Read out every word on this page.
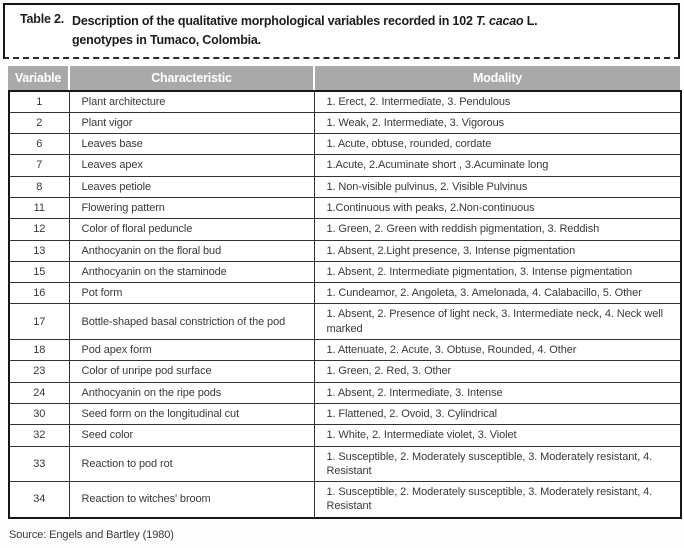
Table 2. Description of the qualitative morphological variables recorded in 102 T. cacao L.
genotypes in Tumaco, Colombia.
Variable	Characteristic	Modality
1	Plant architecture	1. Erect, 2. Intermediate, 3. Pendulous
2	Plant vigor	1. Weak, 2. Intermediate, 3. Vigorous
6	Leaves base	1. Acute, obtuse, rounded, cordate
7	Leaves apex	1.Acute, 2.Acuminate short , 3.Acuminate long
8	Leaves petiole	1. Non-visible pulvinus, 2. Visible Pulvinus
11	Flowering pattern	1.Continuous with peaks, 2.Non-continuous
12	Color of floral peduncle	1. Green, 2. Green with reddish pigmentation, 3. Reddish
13	Anthocyanin on the floral bud	1. Absent, 2.Light presence, 3. Intense pigmentation
15	Anthocyanin on the staminode	1. Absent, 2. Intermediate pigmentation, 3. Intense pigmentation
16	Pot form	1. Cundeamor, 2. Angoleta, 3. Amelonada, 4. Calabacillo, 5. Other
17	Bottle-shaped basal constriction of the pod	1. Absent, 2. Presence of light neck, 3. Intermediate neck, 4. Neck well marked
18	Pod apex form	1. Attenuate, 2. Acute, 3. Obtuse, Rounded, 4. Other
23	Color of unripe pod surface	1. Green, 2. Red, 3. Other
24	Anthocyanin on the ripe pods	1. Absent, 2. Intermediate, 3. Intense
30	Seed form on the longitudinal cut	1. Flattened, 2. Ovoid, 3. Cylindrical
32	Seed color	1. White, 2. Intermediate violet, 3. Violet
33	Reaction to pod rot	1. Susceptible, 2. Moderately susceptible, 3. Moderately resistant, 4. Resistant
34	Reaction to witches' broom	1. Susceptible, 2. Moderately susceptible, 3. Moderately resistant, 4. Resistant
Source: Engels and Bartley (1980)
